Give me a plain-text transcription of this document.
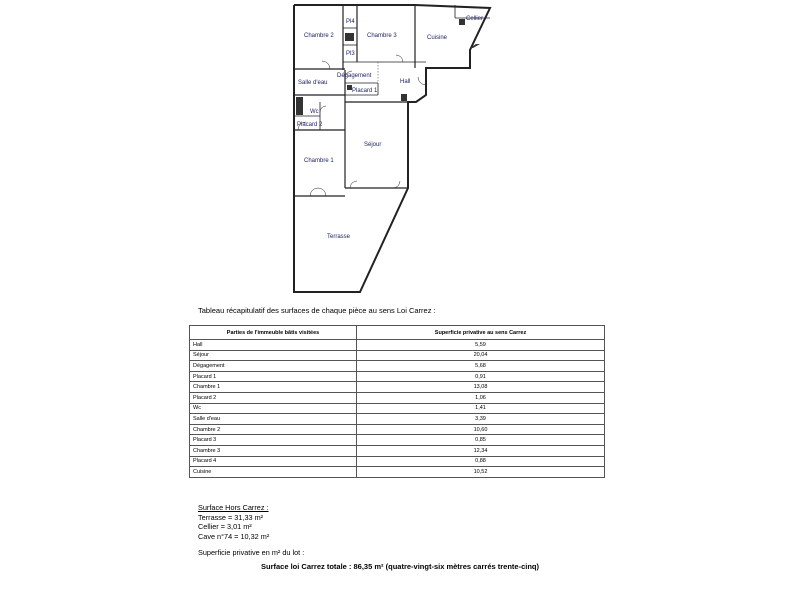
Chambre 2
Pl4
Chambre 3
Cellier
Cuisine
Pl3
Dégagement
Salle d'eau	Hall
Placard 1
Wc
Placard 2
Séjour
Chambre 1
Terrasse
Tableau récapitulatif des surfaces de chaque pièce au sens Loi Carrez :
Parties de l'immeuble bâtis visitées	Superficie privative au sens Carrez
Hall	5,59
Séjour	20,04
Dégagement	5,68
Placard 1	0,91
Chambre 1	13,08
Placard 2	1,06
Wc	1,41
Salle d'eau	3,39
Chambre 2	10,60
Placard 3	0,85
Chambre 3	12,34
Placard 4	0,88
Cuisine	10,52
Surface Hors Carrez :
Terrasse = 31,33 m²
Cellier = 3,01 m²
Cave n°74 = 10,32 m²
Superficie privative en m² du lot :
Surface loi Carrez totale : 86,35 m² (quatre-vingt-six mètres carrés trente-cinq)
